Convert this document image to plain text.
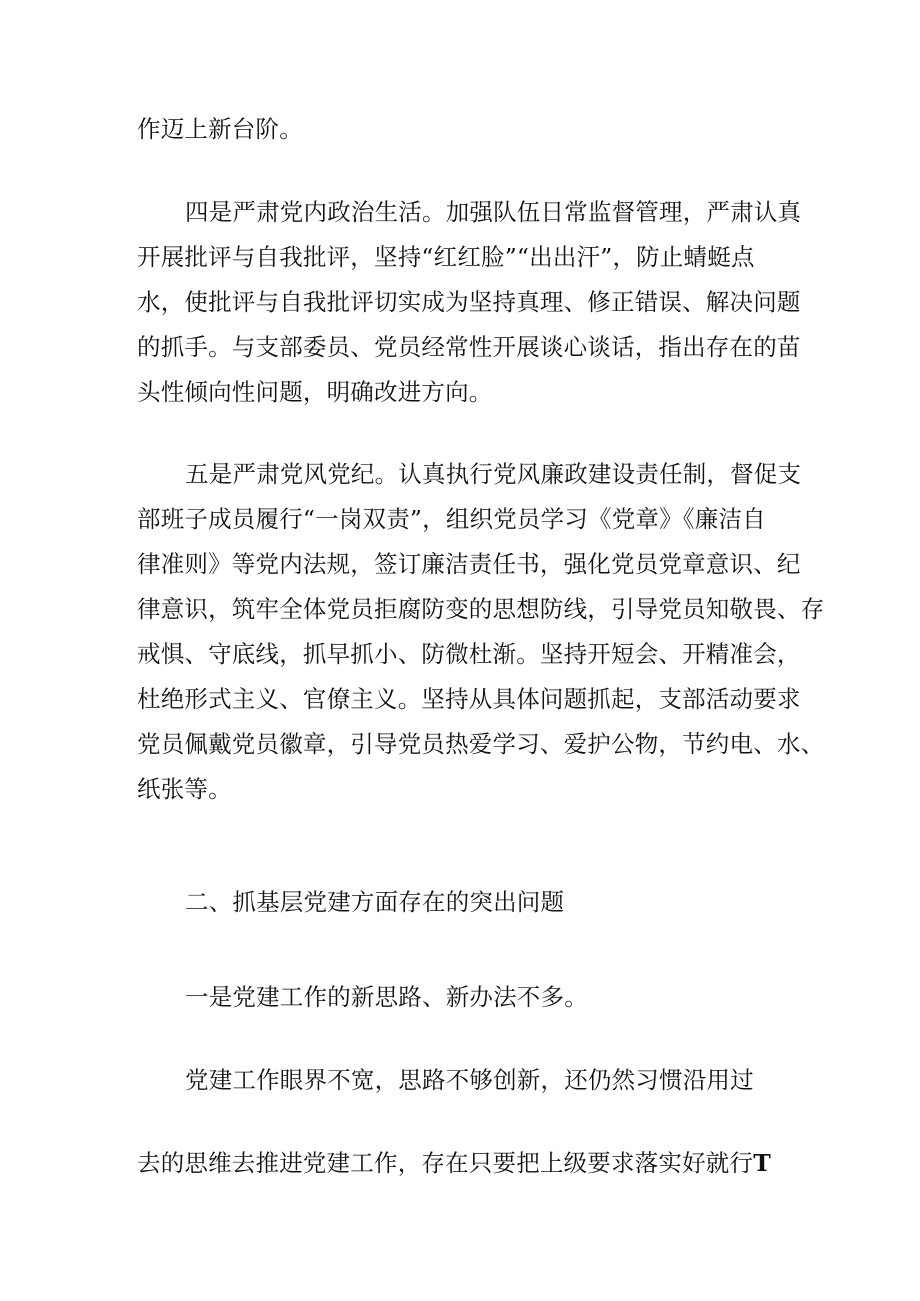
作迈上新台阶。

四是严肃党内政治生活。加强队伍日常监督管理，严肃认真

开展批评与自我批评，坚持“红红脸”“出出汗”，防止蜻蜓点

水，使批评与自我批评切实成为坚持真理、修正错误、解决问题

的抓手。与支部委员、党员经常性开展谈心谈话，指出存在的苗

头性倾向性问题，明确改进方向。

五是严肃党风党纪。认真执行党风廉政建设责任制，督促支

部班子成员履行“一岗双责”，组织党员学习《党章》《廉洁自

律准则》等党内法规，签订廉洁责任书，强化党员党章意识、纪

律意识，筑牢全体党员拒腐防变的思想防线，引导党员知敬畏、存

戒惧、守底线，抓早抓小、防微杜渐。坚持开短会、开精准会，

杜绝形式主义、官僚主义。坚持从具体问题抓起，支部活动要求

党员佩戴党员徽章，引导党员热爱学习、爱护公物，节约电、水、

纸张等。

二、抓基层党建方面存在的突出问题

一是党建工作的新思路、新办法不多。

党建工作眼界不宽，思路不够创新，还仍然习惯沿用过

去的思维去推进党建工作，存在只要把上级要求落实好就行T
